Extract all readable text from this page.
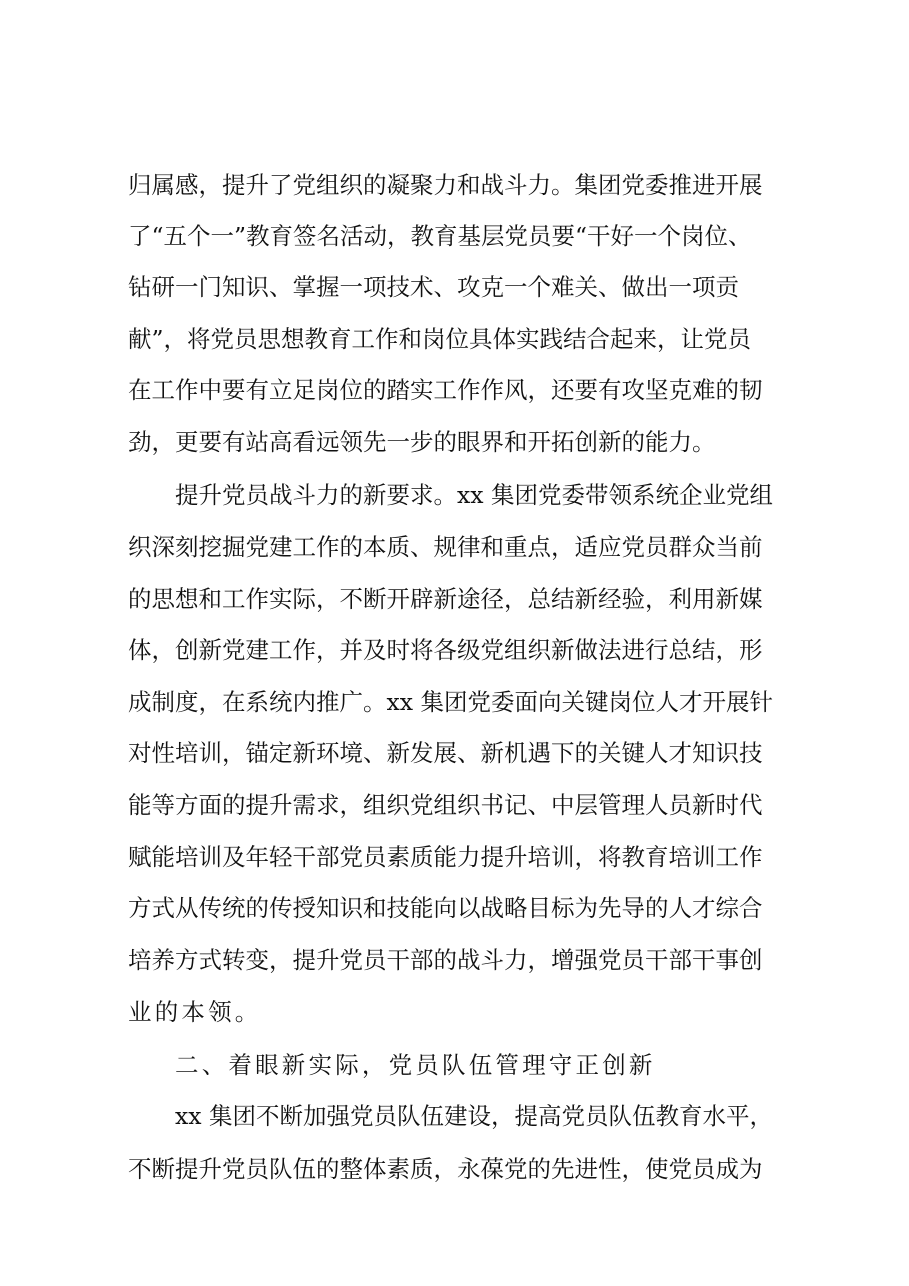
归属感，提升了党组织的凝聚力和战斗力。集团党委推进开展
了“五个一”教育签名活动，教育基层党员要“干好一个岗位、
钻研一门知识、掌握一项技术、攻克一个难关、做出一项贡
献”，将党员思想教育工作和岗位具体实践结合起来，让党员
在工作中要有立足岗位的踏实工作作风，还要有攻坚克难的韧
劲，更要有站高看远领先一步的眼界和开拓创新的能力。
提升党员战斗力的新要求。xx 集团党委带领系统企业党组
织深刻挖掘党建工作的本质、规律和重点，适应党员群众当前
的思想和工作实际，不断开辟新途径，总结新经验，利用新媒
体，创新党建工作，并及时将各级党组织新做法进行总结，形
成制度，在系统内推广。xx 集团党委面向关键岗位人才开展针
对性培训，锚定新环境、新发展、新机遇下的关键人才知识技
能等方面的提升需求，组织党组织书记、中层管理人员新时代
赋能培训及年轻干部党员素质能力提升培训，将教育培训工作
方式从传统的传授知识和技能向以战略目标为先导的人才综合
培养方式转变，提升党员干部的战斗力，增强党员干部干事创
业的本领。
二、着眼新实际，党员队伍管理守正创新
xx 集团不断加强党员队伍建设，提高党员队伍教育水平，
不断提升党员队伍的整体素质，永葆党的先进性，使党员成为
